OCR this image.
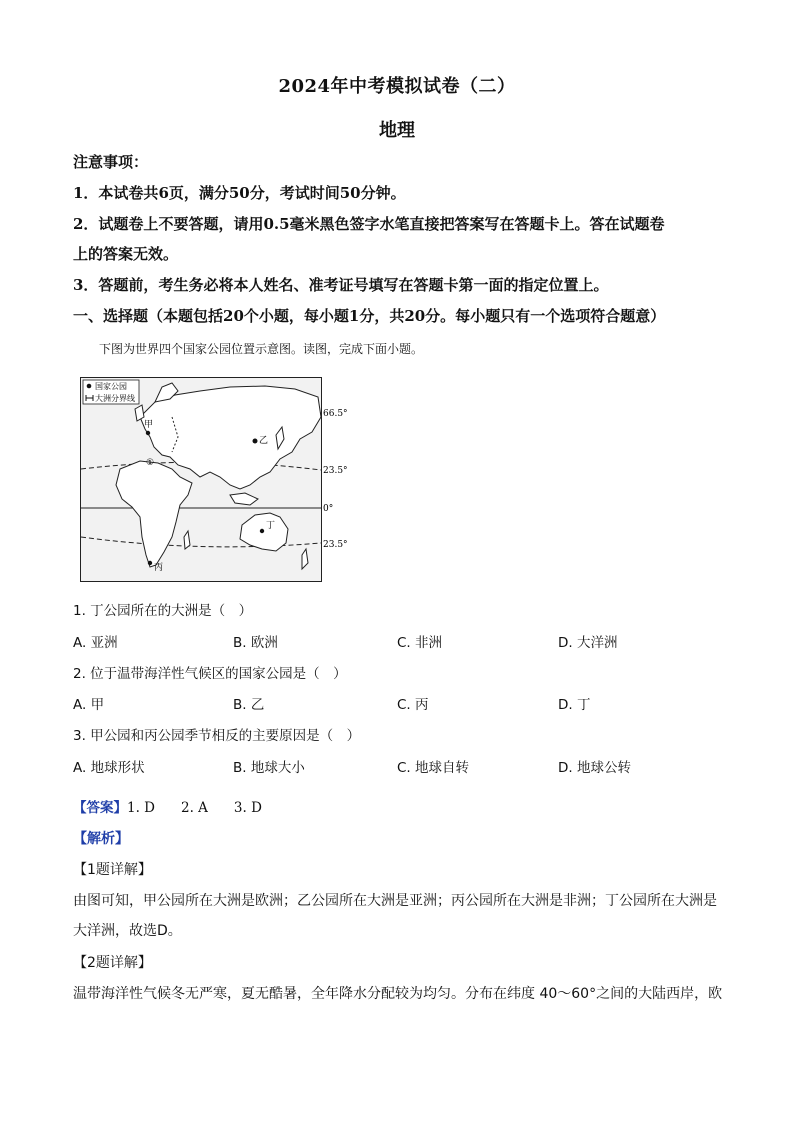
2024年中考模拟试卷（二）
地理
注意事项：
1．本试卷共6页，满分50分，考试时间50分钟。
2．试题卷上不要答题，请用0.5毫米黑色签字水笔直接把答案写在答题卡上。答在试题卷
上的答案无效。
3．答题前，考生务必将本人姓名、准考证号填写在答题卡第一面的指定位置上。
一、选择题（本题包括20个小题，每小题1分，共20分。每小题只有一个选项符合题意）
下图为世界四个国家公园位置示意图。读图，完成下面小题。
国家公园
大洲分界线
甲
乙
丙
丁
①
66.5°
23.5°
0°
23.5°
1. 丁公园所在的大洲是（　）
A. 亚洲	B. 欧洲	C. 非洲	D. 大洋洲
2. 位于温带海洋性气候区的国家公园是（　）
A. 甲	B. 乙	C. 丙	D. 丁
3. 甲公园和丙公园季节相反的主要原因是（　）
A. 地球形状	B. 地球大小	C. 地球自转	D. 地球公转
【答案】1. D 2. A 3. D
【解析】
【1题详解】
由图可知，甲公园所在大洲是欧洲；乙公园所在大洲是亚洲；丙公园所在大洲是非洲；丁公园所在大洲是
大洋洲，故选D。
【2题详解】
温带海洋性气候冬无严寒，夏无酷暑，全年降水分配较为均匀。分布在纬度 40～60°之间的大陆西岸，欧
